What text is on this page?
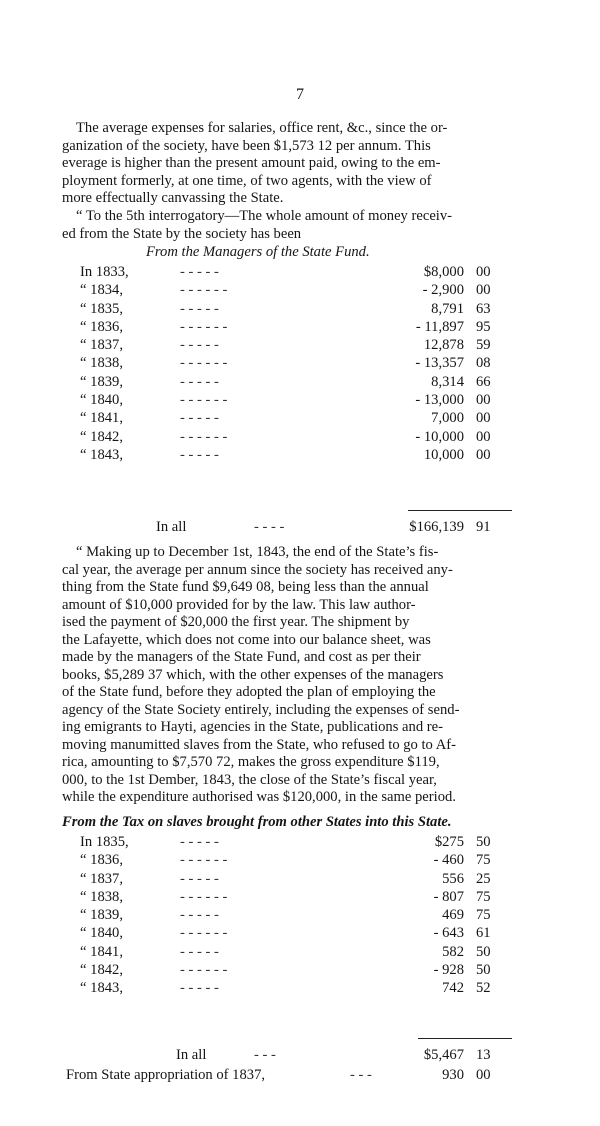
7
The average expenses for salaries, office rent, &c., since the or-
ganization of the society, have been $1,573 12 per annum. This
everage is higher than the present amount paid, owing to the em-
ployment formerly, at one time, of two agents, with the view of
more effectually canvassing the State.
“ To the 5th interrogatory—The whole amount of money receiv-
ed from the State by the society has been
From the Managers of the State Fund.
In 1833,	- - - - -	$8,000 00
“ 1834,	- - - - - -	- 2,900 00
“ 1835,	- - - - -	8,791 63
“ 1836,	- - - - - -	- 11,897 95
“ 1837,	- - - - -	12,878 59
“ 1838,	- - - - - -	- 13,357 08
“ 1839,	- - - - -	8,314 66
“ 1840,	- - - - - -	- 13,000 00
“ 1841,	- - - - -	7,000 00
“ 1842,	- - - - - -	- 10,000 00
“ 1843,	- - - - -	10,000 00
In all	- - - -	$166,139 91
“ Making up to December 1st, 1843, the end of the State’s fis-
cal year, the average per annum since the society has received any-
thing from the State fund $9,649 08, being less than the annual
amount of $10,000 provided for by the law. This law author-
ised the payment of $20,000 the first year. The shipment by
the Lafayette, which does not come into our balance sheet, was
made by the managers of the State Fund, and cost as per their
books, $5,289 37 which, with the other expenses of the managers
of the State fund, before they adopted the plan of employing the
agency of the State Society entirely, including the expenses of send-
ing emigrants to Hayti, agencies in the State, publications and re-
moving manumitted slaves from the State, who refused to go to Af-
rica, amounting to $7,570 72, makes the gross expenditure $119,
000, to the 1st Dember, 1843, the close of the State’s fiscal year,
while the expenditure authorised was $120,000, in the same period.
From the Tax on slaves brought from other States into this State.
In 1835,	- - - - -	$275 50
“ 1836,	- - - - - -	- 460 75
“ 1837,	- - - - -	556 25
“ 1838,	- - - - - -	- 807 75
“ 1839,	- - - - -	469 75
“ 1840,	- - - - - -	- 643 61
“ 1841,	- - - - -	582 50
“ 1842,	- - - - - -	- 928 50
“ 1843,	- - - - -	742 52
In all	- - -	$5,467 13
From State appropriation of 1837,	- - -	930 00
